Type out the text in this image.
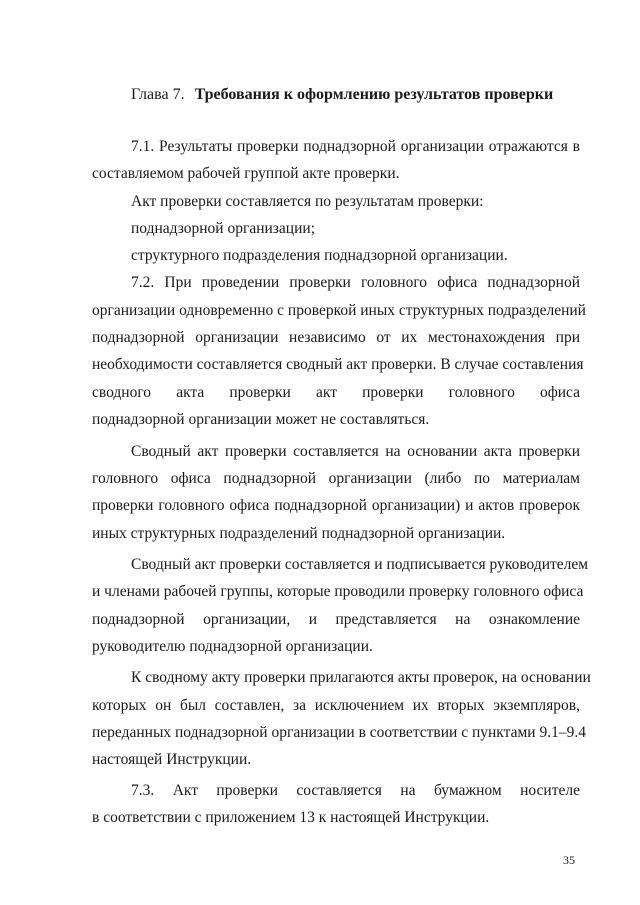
Глава 7. Требования к оформлению результатов проверки
7.1. Результаты проверки поднадзорной организации отражаются в
составляемом рабочей группой акте проверки.
Акт проверки составляется по результатам проверки:
поднадзорной организации;
структурного подразделения поднадзорной организации.
7.2. При проведении проверки головного офиса поднадзорной
организации одновременно с проверкой иных структурных подразделений
поднадзорной организации независимо от их местонахождения при
необходимости составляется сводный акт проверки. В случае составления
сводного акта проверки акт проверки головного офиса
поднадзорной организации может не составляться.
Сводный акт проверки составляется на основании акта проверки
головного офиса поднадзорной организации (либо по материалам
проверки головного офиса поднадзорной организации) и актов проверок
иных структурных подразделений поднадзорной организации.
Сводный акт проверки составляется и подписывается руководителем
и членами рабочей группы, которые проводили проверку головного офиса
поднадзорной организации, и представляется на ознакомление
руководителю поднадзорной организации.
К сводному акту проверки прилагаются акты проверок, на основании
которых он был составлен, за исключением их вторых экземпляров,
переданных поднадзорной организации в соответствии с пунктами 9.1–9.4
настоящей Инструкции.
7.3. Акт проверки составляется на бумажном носителе
в соответствии с приложением 13 к настоящей Инструкции.
35
